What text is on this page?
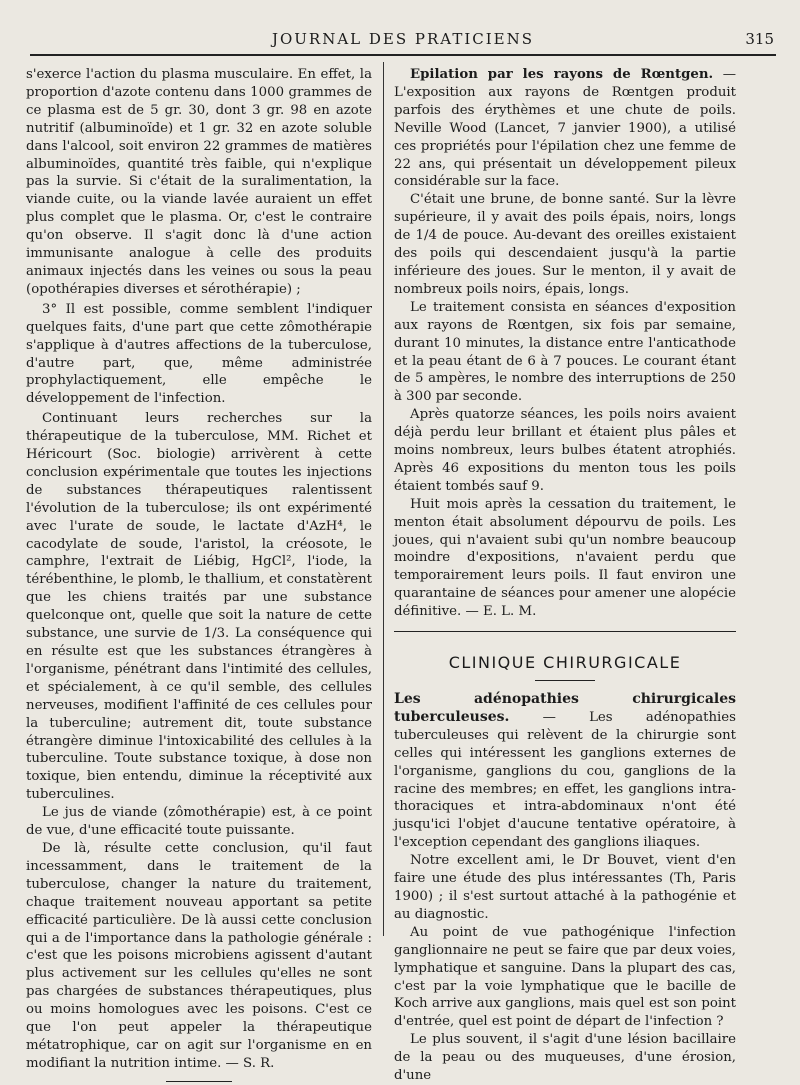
JOURNAL DES PRATICIENS	315

s'exerce l'action du plasma musculaire. En effet, la proportion d'azote contenu dans 1000 grammes de ce plasma est de 5 gr. 30, dont 3 gr. 98 en azote nutritif (albuminoïde) et 1 gr. 32 en azote soluble dans l'alcool, soit environ 22 grammes de matières albuminoïdes, quantité très faible, qui n'explique pas la survie. Si c'était de la suralimentation, la viande cuite, ou la viande lavée auraient un effet plus complet que le plasma. Or, c'est le contraire qu'on observe. Il s'agit donc là d'une action immunisante analogue à celle des produits animaux injectés dans les veines ou sous la peau (opothérapies diverses et sérothérapie) ;

3° Il est possible, comme semblent l'indiquer quelques faits, d'une part que cette zômothérapie s'applique à d'autres affections de la tuberculose, d'autre part, que, même administrée prophylactiquement, elle empêche le développement de l'infection.

Continuant leurs recherches sur la thérapeutique de la tuberculose, MM. Richet et Héricourt (Soc. biologie) arrivèrent à cette conclusion expérimentale que toutes les injections de substances thérapeutiques ralentissent l'évolution de la tuberculose; ils ont expérimenté avec l'urate de soude, le lactate d'AzH⁴, le cacodylate de soude, l'aristol, la créosote, le camphre, l'extrait de Liébig, HgCl², l'iode, la térébenthine, le plomb, le thallium, et constatèrent que les chiens traités par une substance quelconque ont, quelle que soit la nature de cette substance, une survie de 1/3. La conséquence qui en résulte est que les substances étrangères à l'organisme, pénétrant dans l'intimité des cellules, et spécialement, à ce qu'il semble, des cellules nerveuses, modifient l'affinité de ces cellules pour la tuberculine; autrement dit, toute substance étrangère diminue l'intoxicabilité des cellules à la tuberculine. Toute substance toxique, à dose non toxique, bien entendu, diminue la réceptivité aux tuberculines.

Le jus de viande (zômothérapie) est, à ce point de vue, d'une efficacité toute puissante.

De là, résulte cette conclusion, qu'il faut incessamment, dans le traitement de la tuberculose, changer la nature du traitement, chaque traitement nouveau apportant sa petite efficacité particulière. De là aussi cette conclusion qui a de l'importance dans la pathologie générale : c'est que les poisons microbiens agissent d'autant plus activement sur les cellules qu'elles ne sont pas chargées de substances thérapeutiques, plus ou moins homologues avec les poisons. C'est ce que l'on peut appeler la thérapeutique métatrophique, car on agit sur l'organisme en en modifiant la nutrition intime. — S. R.

Epilation par les rayons de Rœntgen. — L'exposition aux rayons de Rœntgen produit parfois des érythèmes et une chute de poils. Neville Wood (Lancet, 7 janvier 1900), a utilisé ces propriétés pour l'épilation chez une femme de 22 ans, qui présentait un développement pileux considérable sur la face.

C'était une brune, de bonne santé. Sur la lèvre supérieure, il y avait des poils épais, noirs, longs de 1/4 de pouce. Au-devant des oreilles existaient des poils qui descendaient jusqu'à la partie inférieure des joues. Sur le menton, il y avait de nombreux poils noirs, épais, longs.

Le traitement consista en séances d'exposition aux rayons de Rœntgen, six fois par semaine, durant 10 minutes, la distance entre l'anticathode et la peau étant de 6 à 7 pouces. Le courant étant de 5 ampères, le nombre des interruptions de 250 à 300 par seconde.

Après quatorze séances, les poils noirs avaient déjà perdu leur brillant et étaient plus pâles et moins nombreux, leurs bulbes étatent atrophiés. Après 46 expositions du menton tous les poils étaient tombés sauf 9.

Huit mois après la cessation du traitement, le menton était absolument dépourvu de poils. Les joues, qui n'avaient subi qu'un nombre beaucoup moindre d'expositions, n'avaient perdu que temporairement leurs poils. Il faut environ une quarantaine de séances pour amener une alopécie définitive. — E. L. M.

CLINIQUE CHIRURGICALE

Les adénopathies chirurgicales tuberculeuses. — Les adénopathies tuberculeuses qui relèvent de la chirurgie sont celles qui intéressent les ganglions externes de l'organisme, ganglions du cou, ganglions de la racine des membres; en effet, les ganglions intra-thoraciques et intra-abdominaux n'ont été jusqu'ici l'objet d'aucune tentative opératoire, à l'exception cependant des ganglions iliaques.

Notre excellent ami, le Dr Bouvet, vient d'en faire une étude des plus intéressantes (Th, Paris 1900) ; il s'est surtout attaché à la pathogénie et au diagnostic.

Au point de vue pathogénique l'infection ganglionnaire ne peut se faire que par deux voies, lymphatique et sanguine. Dans la plupart des cas, c'est par la voie lymphatique que le bacille de Koch arrive aux ganglions, mais quel est son point d'entrée, quel est point de départ de l'infection ?

Le plus souvent, il s'agit d'une lésion bacillaire de la peau ou des muqueuses, d'une érosion, d'une
